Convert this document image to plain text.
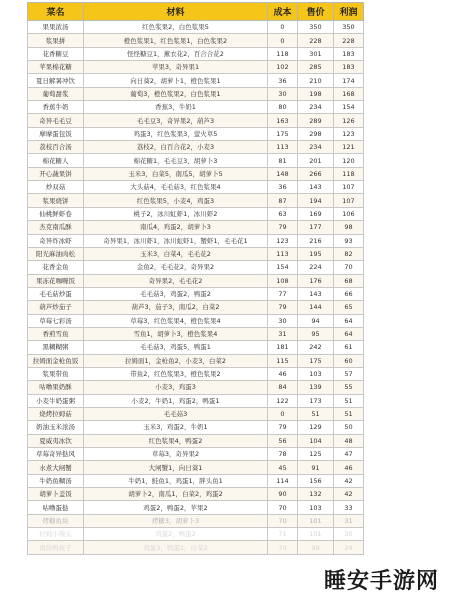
菜名	材料	成本	售价	利润
果果浓汤	红色浆果2，白色浆果5	0	350	350
浆果拼	橙色浆果1，红色浆果1，白色浆果2	0	228	228
花香糖豆	怪怪糖豆1，薰衣花2，百合合花2	118	301	183
苹果棉花糖	苹果3，奇异果1	102	285	183
夏日解暑冲饮	向日葵2，胡萝卜1，橙色浆果1	36	210	174
葡萄甜浆	葡萄3，橙色浆果2，白色浆果1	30	198	168
香蕉牛奶	香蕉3，牛奶1	80	234	154
奇异毛毛豆	毛毛豆3，奇异果2，葫芦3	163	289	126
摩摩蛋包饭	鸡蛋3，红色浆果3，萤火草5	175	298	123
荔枝百合汤	荔枝2，白百合花2，小麦3	113	234	121
棉花糖人	棉花糖1，毛毛豆3，胡萝卜3	81	201	120
开心蔬果饼	玉米3，白菜5，南瓜5，胡萝卜5	148	266	118
炒双菇	大头菇4，毛毛菇3，红色浆果4	36	143	107
浆果烧饼	红色浆果5，小麦4，鸡蛋3	87	194	107
仙桃鲜虾卷	桃子2，冰川虹虾1，冰川虾2	63	169	106
杰克南瓜酥	南瓜4，鸡蛋2，胡萝卜3	79	177	98
奇异炸冰虾	奇异果1，冰川虾1，冰川虹虾1，蟹虾1，毛毛花1	123	216	93
阳光麻油肉松	玉米3，白菜4，毛毛花2	113	195	82
花香金鱼	金鱼2，毛毛花2，奇异果2	154	224	70
果冻花咖喱饭	奇异果2，毛毛花2	108	176	68
毛毛菇炒蛋	毛毛菇3，鸡蛋2，鸭蛋2	77	143	66
葫芦炒茄子	葫芦3，茄子3，南瓜2，白菜2	79	144	65
草莓七彩汤	草莓3，红色浆果4，橙色浆果4	30	94	64
香煎雪鱼	雪鱼1，胡萝卜3，橙色浆果4	31	95	64
黑糊糊粥	毛毛菇3，鸡蛋5，鸭蛋1	181	242	61
拉姆面金枪鱼饭	拉姆面1，金枪鱼2，小麦3，白菜2	115	175	60
浆果带鱼	带鱼2，红色浆果3，橙色浆果2	46	103	57
咕噜果奶酥	小麦3，鸡蛋3	84	139	55
小麦牛奶蛋粥	小麦2，牛奶1，鸡蛋2，鸭蛋1	122	173	51
烧烤拉姆菇	毛毛菇3	0	51	51
奶油玉米浓汤	玉米3，鸡蛋2，牛奶1	79	129	50
夏威夷冰饮	红色浆果4，鸭蛋2	56	104	48
草莓奇异挞风	草莓3，奇异果2	78	125	47
水煮大闸蟹	大闸蟹1，向日葵1	45	91	46
牛奶鱼糊汤	牛奶1，鲑鱼1，鸡蛋1，胖头鱼1	114	156	42
胡萝卜盖饭	胡萝卜2，南瓜1，白菜2，鸡蛋2	90	132	42
咕噜蛋挞	鸡蛋2，鸭蛋2，苹果2	70	103	33
烤糖鱼块	烤糖3，胡萝卜3	70	101	31
拉姆小馒头	鸡蛋2，鸭蛋2	71	101	30
南块鸭鱼子	鸡蛋3，鸭蛋1，白菜2	70	99	29
睡安手游网
